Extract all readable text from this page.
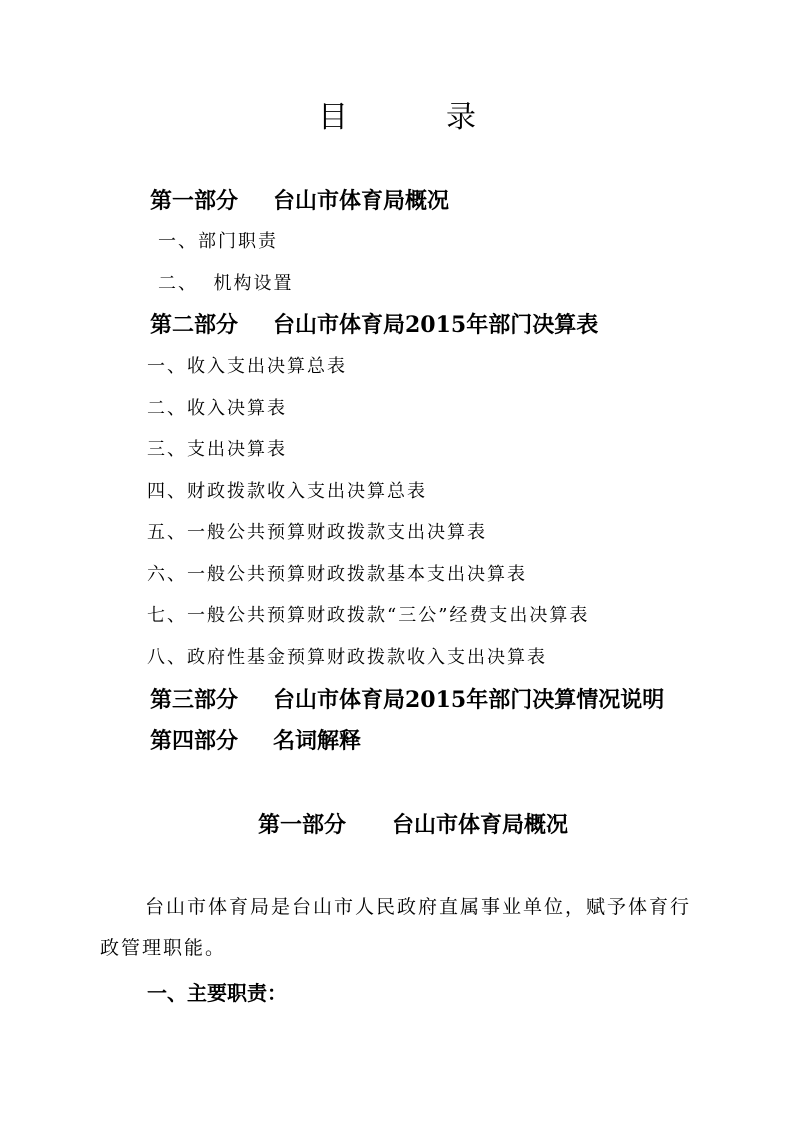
目	录
第一部分 台山市体育局概况
一、部门职责
二、  机构设置
第二部分 台山市体育局2015年部门决算表
一、收入支出决算总表
二、收入决算表
三、支出决算表
四、财政拨款收入支出决算总表
五、一般公共预算财政拨款支出决算表
六、一般公共预算财政拨款基本支出决算表
七、一般公共预算财政拨款“三公”经费支出决算表
八、政府性基金预算财政拨款收入支出决算表
第三部分 台山市体育局2015年部门决算情况说明
第四部分 名词解释
第一部分 台山市体育局概况
台山市体育局是台山市人民政府直属事业单位，赋予体育行
政管理职能。
一、主要职责：
